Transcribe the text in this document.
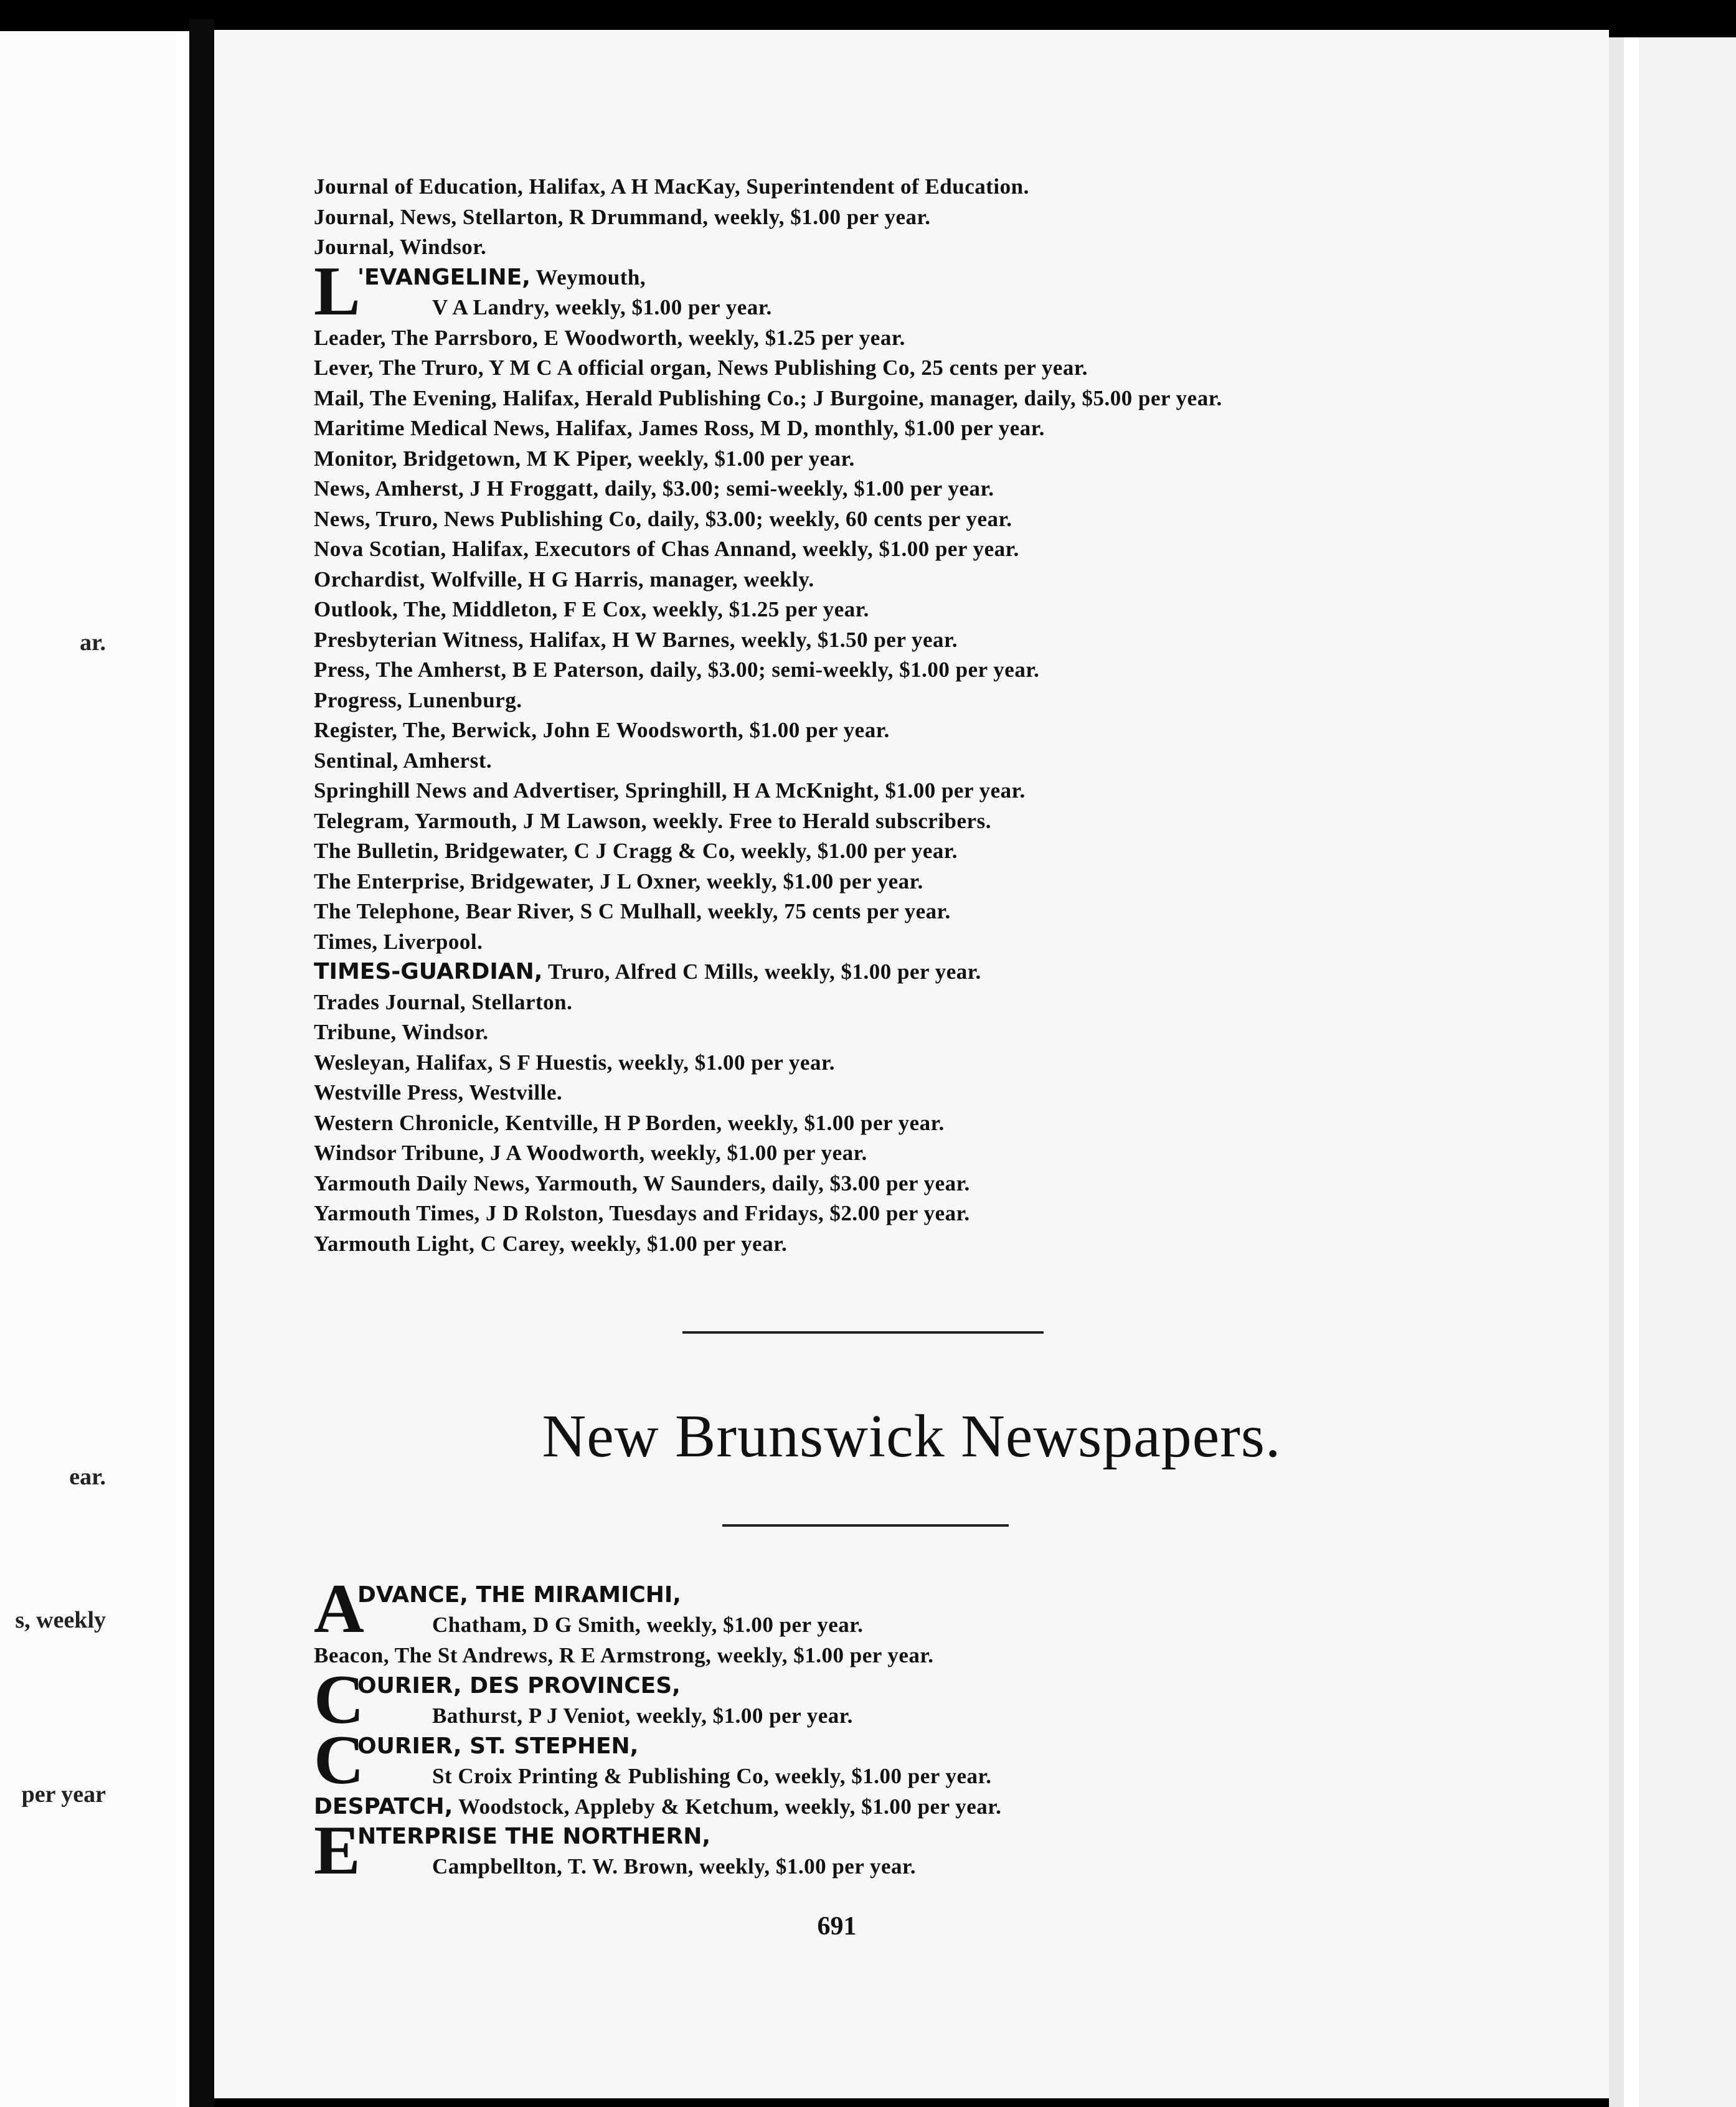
ar.
ear.
s, weekly
per year
Journal of Education, Halifax, A H MacKay, Superintendent of Education.
Journal, News, Stellarton, R Drummand, weekly, $1.00 per year.
Journal, Windsor.
L
'EVANGELINE, Weymouth,
V A Landry, weekly, $1.00 per year.
Leader, The Parrsboro, E Woodworth, weekly, $1.25 per year.
Lever, The Truro, Y M C A official organ, News Publishing Co, 25 cents per year.
Mail, The Evening, Halifax, Herald Publishing Co.; J Burgoine, manager, daily, $5.00 per year.
Maritime Medical News, Halifax, James Ross, M D, monthly, $1.00 per year.
Monitor, Bridgetown, M K Piper, weekly, $1.00 per year.
News, Amherst, J H Froggatt, daily, $3.00; semi-weekly, $1.00 per year.
News, Truro, News Publishing Co, daily, $3.00; weekly, 60 cents per year.
Nova Scotian, Halifax, Executors of Chas Annand, weekly, $1.00 per year.
Orchardist, Wolfville, H G Harris, manager, weekly.
Outlook, The, Middleton, F E Cox, weekly, $1.25 per year.
Presbyterian Witness, Halifax, H W Barnes, weekly, $1.50 per year.
Press, The Amherst, B E Paterson, daily, $3.00; semi-weekly, $1.00 per year.
Progress, Lunenburg.
Register, The, Berwick, John E Woodsworth, $1.00 per year.
Sentinal, Amherst.
Springhill News and Advertiser, Springhill, H A McKnight, $1.00 per year.
Telegram, Yarmouth, J M Lawson, weekly. Free to Herald subscribers.
The Bulletin, Bridgewater, C J Cragg & Co, weekly, $1.00 per year.
The Enterprise, Bridgewater, J L Oxner, weekly, $1.00 per year.
The Telephone, Bear River, S C Mulhall, weekly, 75 cents per year.
Times, Liverpool.
TIMES-GUARDIAN, Truro, Alfred C Mills, weekly, $1.00 per year.
Trades Journal, Stellarton.
Tribune, Windsor.
Wesleyan, Halifax, S F Huestis, weekly, $1.00 per year.
Westville Press, Westville.
Western Chronicle, Kentville, H P Borden, weekly, $1.00 per year.
Windsor Tribune, J A Woodworth, weekly, $1.00 per year.
Yarmouth Daily News, Yarmouth, W Saunders, daily, $3.00 per year.
Yarmouth Times, J D Rolston, Tuesdays and Fridays, $2.00 per year.
Yarmouth Light, C Carey, weekly, $1.00 per year.
New Brunswick Newspapers.
A
DVANCE, THE MIRAMICHI,
Chatham, D G Smith, weekly, $1.00 per year.
Beacon, The St Andrews, R E Armstrong, weekly, $1.00 per year.
C
OURIER, DES PROVINCES,
Bathurst, P J Veniot, weekly, $1.00 per year.
C
OURIER, ST. STEPHEN,
St Croix Printing & Publishing Co, weekly, $1.00 per year.
DESPATCH, Woodstock, Appleby & Ketchum, weekly, $1.00 per year.
E
NTERPRISE THE NORTHERN,
Campbellton, T. W. Brown, weekly, $1.00 per year.
691
